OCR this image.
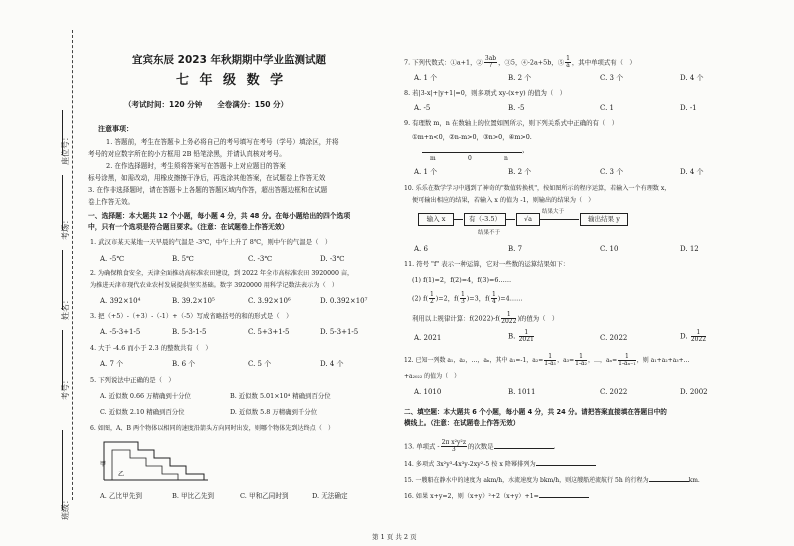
班级：
考号：
姓名：
考场：
座位号：
宜宾东辰 2023 年秋期期中学业监测试题
七 年 级 数 学
（考试时间：120 分钟　　全卷满分：150 分）
注意事项：
1. 答题前，考生在答题卡上务必将自己的考号填写在考号（学号）填涂区，并将
考号的对应数字所在的小方框用 2B 铅笔涂黑，并请认真核对考号。
2. 在作选择题时，考生须将答案写在答题卡上对应题目的答案
标号涂黑，如需改动，用橡皮擦擦干净后，再选涂其他答案，在试题卷上作答无效
3. 在作非选择题时，请在答题卡上各题的答题区域内作答，超出答题边框和在试题
卷上作答无效。
一、选择题：本大题共 12 个小题，每小题 4 分，共 48 分。在每小题给出的四个选项
中，只有一个选项是符合题目要求。（注意：在试题卷上作答无效）
1. 武汉市某天某地一天早晨的气温是 -3℃，中午上升了 8℃，则中午的气温是（　）
A. -5℃	B. 5℃	C. -3℃	D. -3℃
2. 为确保粮食安全，天津全面推动高标准农田建设，到 2022 年全市高标准农田 3920000 亩，
为推进天津市现代农业农村发展提供坚实基础。数字 3920000 用科学记数法表示为（　）
A. 392×10⁴	B. 39.2×10⁵	C. 3.92×10⁶	D. 0.392×10⁷
3. 把（+5）-（+3）-（-1）+（-5）写成省略括号的和的形式是（　）
A. -5-3+1-5	B. 5-3-1-5	C. 5+3+1-5	D. 5-3+1-5
4. 大于 -4.6 而小于 2.3 的整数共有（　）
A. 7 个	B. 6 个	C. 5 个	D. 4 个
5. 下列说法中正确的是（　）
A. 近似数 0.66 万精确到十分位	B. 近似数 5.01×10⁴ 精确到百分位
C. 近似数 2.10 精确到百分位	D. 近似数 5.8 万精确到千分位
6. 如图，A、B 两个物体以相同的速度沿箭头方向同时出发，则哪个物体先到达终点（　）
甲
乙
A. 乙比甲先到	B. 甲比乙先到	C. 甲和乙同时到	D. 无法确定
7. 下列代数式：①a+1，② $\frac{3ab}{7}$ ，③5，④-2a+5b，⑤ $\frac{1}{a}$ ，其中单项式有（　）
A. 1 个	B. 2 个	C. 3 个	D. 4 个
8. 若|3-x|+|y+1|=0，则多项式 xy-(x+y) 的值为（　）
A. -5	B. -5	C. 1	D. -1
9. 有理数 m，n 在数轴上的位置如图所示，则下列关系式中正确的有（　）
①m+n<0，②n-m>0，③n>0，④m>0.
›
m	0	n
A. 1 个	B. 2 个	C. 3 个	D. 4 个
10. 乐乐在数学学习中遇到了神奇的"数值转换机"，按如图所示的程序运算，若输入一个有理数 x，
便可输出相应的结果，若输入 x 的值为 -1，则输出的结果为（　）
输入 x	有（-3.5）	√a
结果大于
输出结果 y
结果不于
A. 6	B. 7	C. 10	D. 12
11. 符号 "f" 表示一种运算，它对一些数的运算结果如下：
(1) f(1)=2，f(2)=4，f(3)=6……
(2) $f( \frac{1}{2} )=2$，$f( \frac{1}{3} )=3$，$f( \frac{1}{4}$ )=4……
利用以上规律计算：$f(2022)-f( \frac{1}{2022}$ )的值为（　）
A. 2021	B. $\frac{1}{2021}$	C. 2022	D. $\frac{1}{2022}$
12. 已知一列数 a₁，a₂，…，aₙ，其中 a₁=-1，$a_2= \frac{1}{\text{1-a₁}}$ ，$a_3= \frac{1}{\text{1-a₂}}$ ，…，$a_n= \frac{1}{\text{1-aₙ₋₁}}$ ，则 a₁+a₂+a₃+…
+a₂₀₂₂ 的值为（　）
A. 1010	B. 1011	C. 2022	D. 2002
二、填空题：本大题共 6 个小题，每小题 4 分，共 24 分。请把答案直接填在答题目中的
横线上。（注意：在试题卷上作答无效）
13. 单项式 - $\frac{\text{2π x²y²z}}{3}$ 的次数是	.
14. 多项式 3x²y³-4x³y-2xy²-5 按 x 降幂排列为
15. 一艘船在静水中的速度为 akm/h，水流速度为 bkm/h，则这艘船逆流航行 5h 的行程为	km.
16. 如果 x+y=2，则（x+y）²+2（x+y）+1=
第 1 页 共 2 页
